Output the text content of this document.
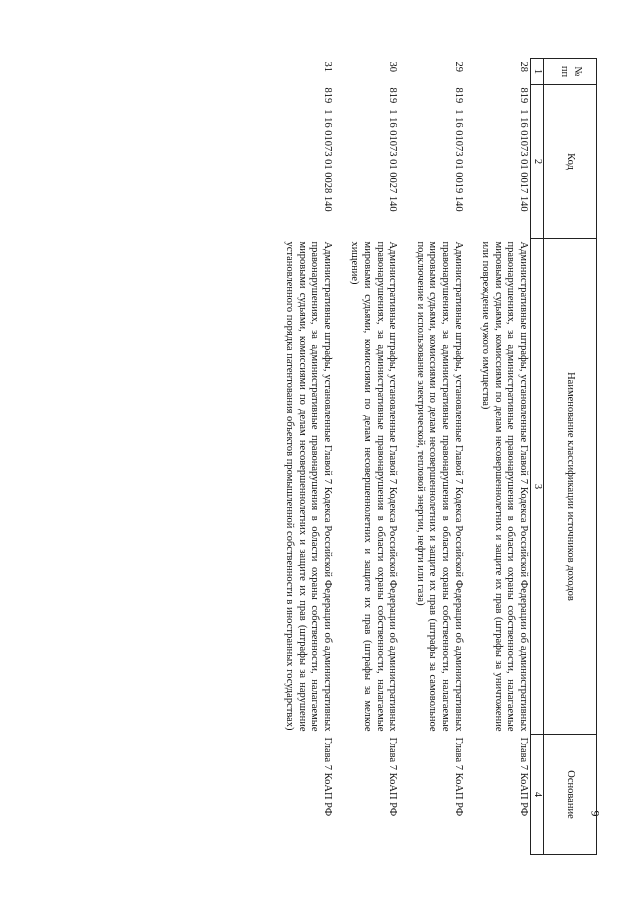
9
№ пп	Код	Наименование классификации источников доходов	Основание
1	2	3	4
28	8191 16 01073 01 0017 140	Административные штрафы, установленные Главой 7 Кодекса Российской Федерации об административных правонарушениях, за административные правонарушения в области охраны собственности, налагаемые мировыми судьями, комиссиями по делам несовершеннолетних и защите их прав (штрафы за уничтожение или повреждение чужого имущества)	Глава 7 КоАП РФ
29	8191 16 01073 01 0019 140	Административные штрафы, установленные Главой 7 Кодекса Российской Федерации об административных правонарушениях, за административные правонарушения в области охраны собственности, налагаемые мировыми судьями, комиссиями по делам несовершеннолетних и защите их прав (штрафы за самовольное подключение и использование электрической, тепловой энергии, нефти или газа)	Глава 7 КоАП РФ
30	8191 16 01073 01 0027 140	Административные штрафы, установленные Главой 7 Кодекса Российской Федерации об административных правонарушениях, за административные правонарушения в области охраны собственности, налагаемые мировыми судьями, комиссиями по делам несовершеннолетних и защите их прав (штрафы за мелкое хищение)	Глава 7 КоАП РФ
31	8191 16 01073 01 0028 140	Административные штрафы, установленные Главой 7 Кодекса Российской Федерации об административных правонарушениях, за административные правонарушения в области охраны собственности, налагаемые мировыми судьями, комиссиями по делам несовершеннолетних и защите их прав (штрафы за нарушение установленного порядка патентования объектов промышленной собственности в иностранных государствах)	Глава 7 КоАП РФ
